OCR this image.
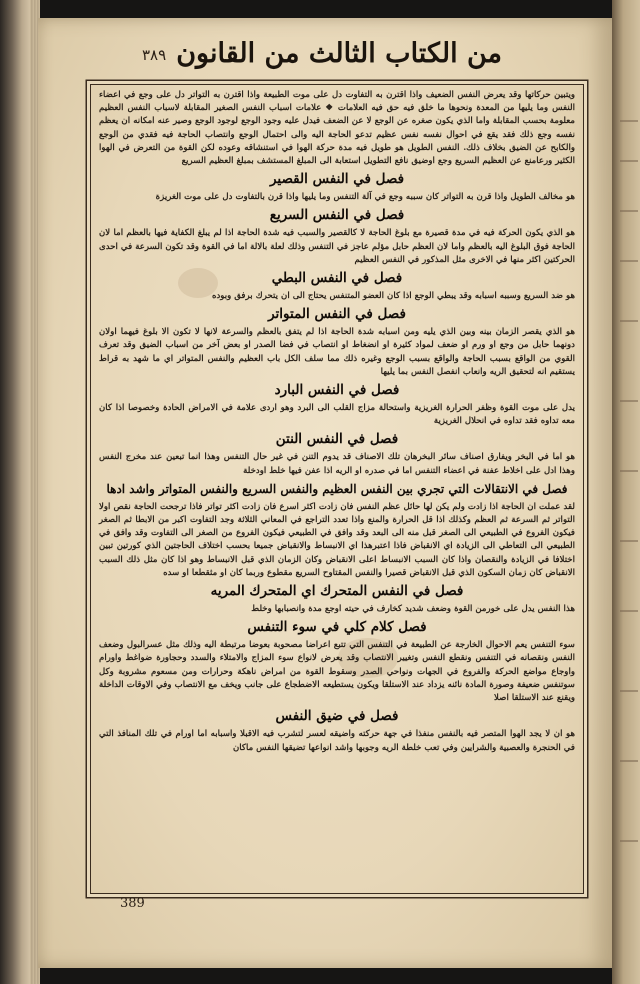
من الكتاب الثالث من القانون
٣٨٩

ويتبين حركاتها وقد يعرض النفس الضعيف واذا اقترن به التفاوت دل على موت الطبيعة واذا اقترن به التواتر دل على وجع في اعضاء النفس وما يليها من المعدة ونحوها ما خلق فيه حق فيه العلامات ❖ علامات اسباب النفس الصغير المقابلة لاسباب النفس العظيم معلومة بحسب المقابلة واما الذي يكون صغره عن الوجع لا عن الضعف فيدل عليه وجود الوجع لوجود الوجع وصير عنه امكانه ان يعظم نفسه وجع ذلك فقد يقع في احوال نفسه نفس عظيم تدعو الحاجة اليه والى احتمال الوجع وانتصاب الحاجة فيه فقدي من الوجع والكابح عن الضيق بخلاف ذلك. النفس الطويل هو طويل فيه مدة حركة الهوا في استنشاقه وعوده لكن القوة من التعرض في الهوا الكثير ورعامنع عن العظيم السريع وجع اوضيق نافع التطويل استعابة الى المبلغ المستشف بمبلغ العظيم السريع

فصل في النفس القصير

هو مخالف الطويل واذا قرن به التواتر كان سببه وجع في آلة التنفس وما يليها واذا قرن بالتفاوت دل على موت الغريزة

فصل في النفس السريع

هو الذي يكون الحركة فيه في مدة قصيرة مع بلوغ الحاجة لا كالقصير والسبب فيه شدة الحاجة اذا لم يبلغ الكفاية فيها بالعظم اما لان الحاجة فوق البلوغ اليه بالعظم واما لان العظم حابل مؤلم عاجز في التنفس وذلك لعلة بالالة اما في القوة وقد تكون السرعة في احدى الحركتين اكثر منها في الاخرى مثل المذكور في النفس العظيم

فصل في النفس البطي

هو ضد السريع وسببه اسبابه وقد يبطي الوجع اذا كان العضو المتنفس يحتاج الى ان يتحرك برفق وبوده

فصل في النفس المتواتر

هو الذي يقصر الزمان بينه وبين الذي يليه ومن اسبابه شدة الحاجة اذا لم يتفق بالعظم والسرعة لانها لا تكون الا بلوغ فيهما اولان دونهما حابل من وجع او ورم او ضعف لمواد كثيرة او انضغاط او انتصاب في فضا الصدر او بعض آخر من اسباب الضيق وقد تعرف القوي من الواقع بسبب الحاجة والواقع بسبب الوجع وغيره ذلك مما سلف الكل باب العظيم والنفس المتواتر اي ما شهد به قراط يستقيم انه لتحقيق الريه وانعاب انفصل النفس بما يليها

فصل في النفس البارد

يدل على موت القوة وظفر الحرارة الغريزية واستحالة مزاج القلب الى البرد وهو اردى علامة في الامراض الحادة وخصوصا اذا كان معه تداوه فقد تداوه في انحلال الغريزية

فصل في النفس النتن

هو اما في البخر ويفارق اصناف سائر البخرهان تلك الاصناف قد يدوم التنن في غير حال التنفس وهذا انما تبعين عند مخرج النفس وهذا ادل على اخلاط عفنة في اعضاء التنفس اما في صدره او الريه اذا عفن فيها خلط اودخلة

فصل في الانتقالات التي تجري بين النفس العظيم والنفس السريع والنفس المتواتر واشد ادها

لقد عملت ان الحاجة اذا زادت ولم يكن لها حائل عظم النفس فان زادت اكثر اسرع فان زادت اكثر تواتر فاذا ترجحت الحاجة نقص اولا التواتر ثم السرعة ثم العظم وكذلك اذا قل الحرارة والمنع واذا تعدد التراجع في المعاني الثلاثة وجد التفاوت اكبر من الابطا ثم الصغر فيكون الفروع في الطبيعي الى الصغر قبل منه الى البعد وقد وافق في الطبيعي فيكون الفروع من الصغر الى التفاوت وقد وافق في الطبيعي الى التعاطي الى الزيادة اي الانقباض فاذا اعتبرهذا اي الانبساط والانقباض جميعا بحسب اختلاف الحاجتين الذي كورتين تبين اختلافا في الزيادة والنقصان واذا كان السبب الانبساط اعلى الانقباض وكان الزمان الذي قبل الانبساط وهو اذا كان مثل ذلك السبب الانقباض كان زمان السكون الذي قبل الانقباض قصيرا والنفس المقتاوح السريع مقطوع وربما كان او مثقطعا او سده

فصل في النفس المتحرك اي المتحرك المريه

هذا النفس يدل على خورمن القوة وضعف شديد كخارف في حيته اوجع مدة وانصبابها وخلط

فصل كلام كلي في سوء التنفس

سوء التنفس يعم الاحوال الخارجة عن الطبيعة في التنفس التي تتبع اعراضا مصحوبة بعوضا مرتبطة اليه وذلك مثل عسرالبول وضعف النفس ونقصانه في التنفس ونقطع النفس وتغيير الانتصاب وقد يعرض لانواع سوء المزاج والامتلاء والسدد وحجاورة ضواغط واورام واوجاع مواضع الحركة والفروع في الجهات ونواحي الصدر وسقوط القوة من امراض ناهكة وحرارات ومن مسعوم مشروبة وكل سوتنفس ضعيفة وصورة المادة نائنه يزداد عند الاستلقا ويكون يستطيعه الاضطجاع على جانب ويخف مع الانتصاب وفي الاوقات الداخلة ويقنع عند الاستلقا اصلا

فصل في ضيق النفس

هو ان لا يجد الهوا المتصر فيه بالنفس منفذا في جهة حركته واضيقه لعسر لتشرب فيه الاقبلا واسبابه اما اورام في تلك المنافذ التي في الحنجرة والعصبية والشرايين وفي تعب خلطة الريه وجوبها واشد انواعها تضيقها النفس ماكان

389
